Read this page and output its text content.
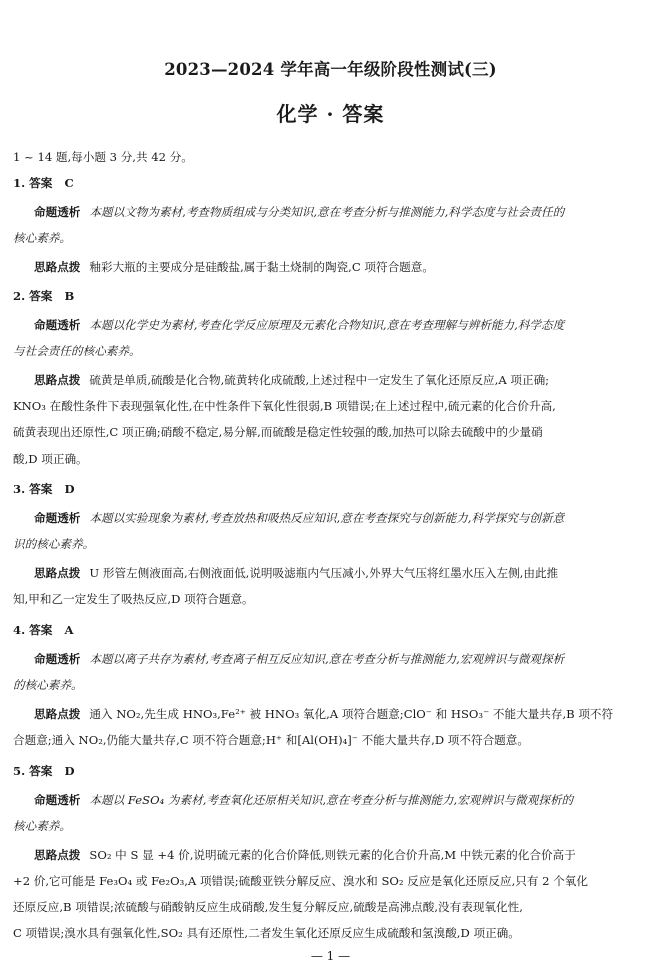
2023—2024 学年高一年级阶段性测试(三)
化学 · 答案
1 ~ 14 题,每小题 3 分,共 42 分。
1. 答案 C
命题透析 本题以文物为素材,考查物质组成与分类知识,意在考查分析与推测能力,科学态度与社会责任的
核心素养。
思路点拨 釉彩大瓶的主要成分是硅酸盐,属于黏土烧制的陶瓷,C 项符合题意。
2. 答案 B
命题透析 本题以化学史为素材,考查化学反应原理及元素化合物知识,意在考查理解与辨析能力,科学态度
与社会责任的核心素养。
思路点拨 硫黄是单质,硫酸是化合物,硫黄转化成硫酸,上述过程中一定发生了氧化还原反应,A 项正确;
KNO₃ 在酸性条件下表现强氧化性,在中性条件下氧化性很弱,B 项错误;在上述过程中,硫元素的化合价升高,
硫黄表现出还原性,C 项正确;硝酸不稳定,易分解,而硫酸是稳定性较强的酸,加热可以除去硫酸中的少量硝
酸,D 项正确。
3. 答案 D
命题透析 本题以实验现象为素材,考查放热和吸热反应知识,意在考查探究与创新能力,科学探究与创新意
识的核心素养。
思路点拨 U 形管左侧液面高,右侧液面低,说明吸滤瓶内气压减小,外界大气压将红墨水压入左侧,由此推
知,甲和乙一定发生了吸热反应,D 项符合题意。
4. 答案 A
命题透析 本题以离子共存为素材,考查离子相互反应知识,意在考查分析与推测能力,宏观辨识与微观探析
的核心素养。
思路点拨 通入 NO₂,先生成 HNO₃,Fe²⁺ 被 HNO₃ 氧化,A 项符合题意;ClO⁻ 和 HSO₃⁻ 不能大量共存,B 项不符
合题意;通入 NO₂,仍能大量共存,C 项不符合题意;H⁺ 和[Al(OH)₄]⁻ 不能大量共存,D 项不符合题意。
5. 答案 D
命题透析 本题以 FeSO₄ 为素材,考查氧化还原相关知识,意在考查分析与推测能力,宏观辨识与微观探析的
核心素养。
思路点拨 SO₂ 中 S 显 +4 价,说明硫元素的化合价降低,则铁元素的化合价升高,M 中铁元素的化合价高于
+2 价,它可能是 Fe₃O₄ 或 Fe₂O₃,A 项错误;硫酸亚铁分解反应、溴水和 SO₂ 反应是氧化还原反应,只有 2 个氧化
还原反应,B 项错误;浓硫酸与硝酸钠反应生成硝酸,发生复分解反应,硫酸是高沸点酸,没有表现氧化性,
C 项错误;溴水具有强氧化性,SO₂ 具有还原性,二者发生氧化还原反应生成硫酸和氢溴酸,D 项正确。
— 1 —
